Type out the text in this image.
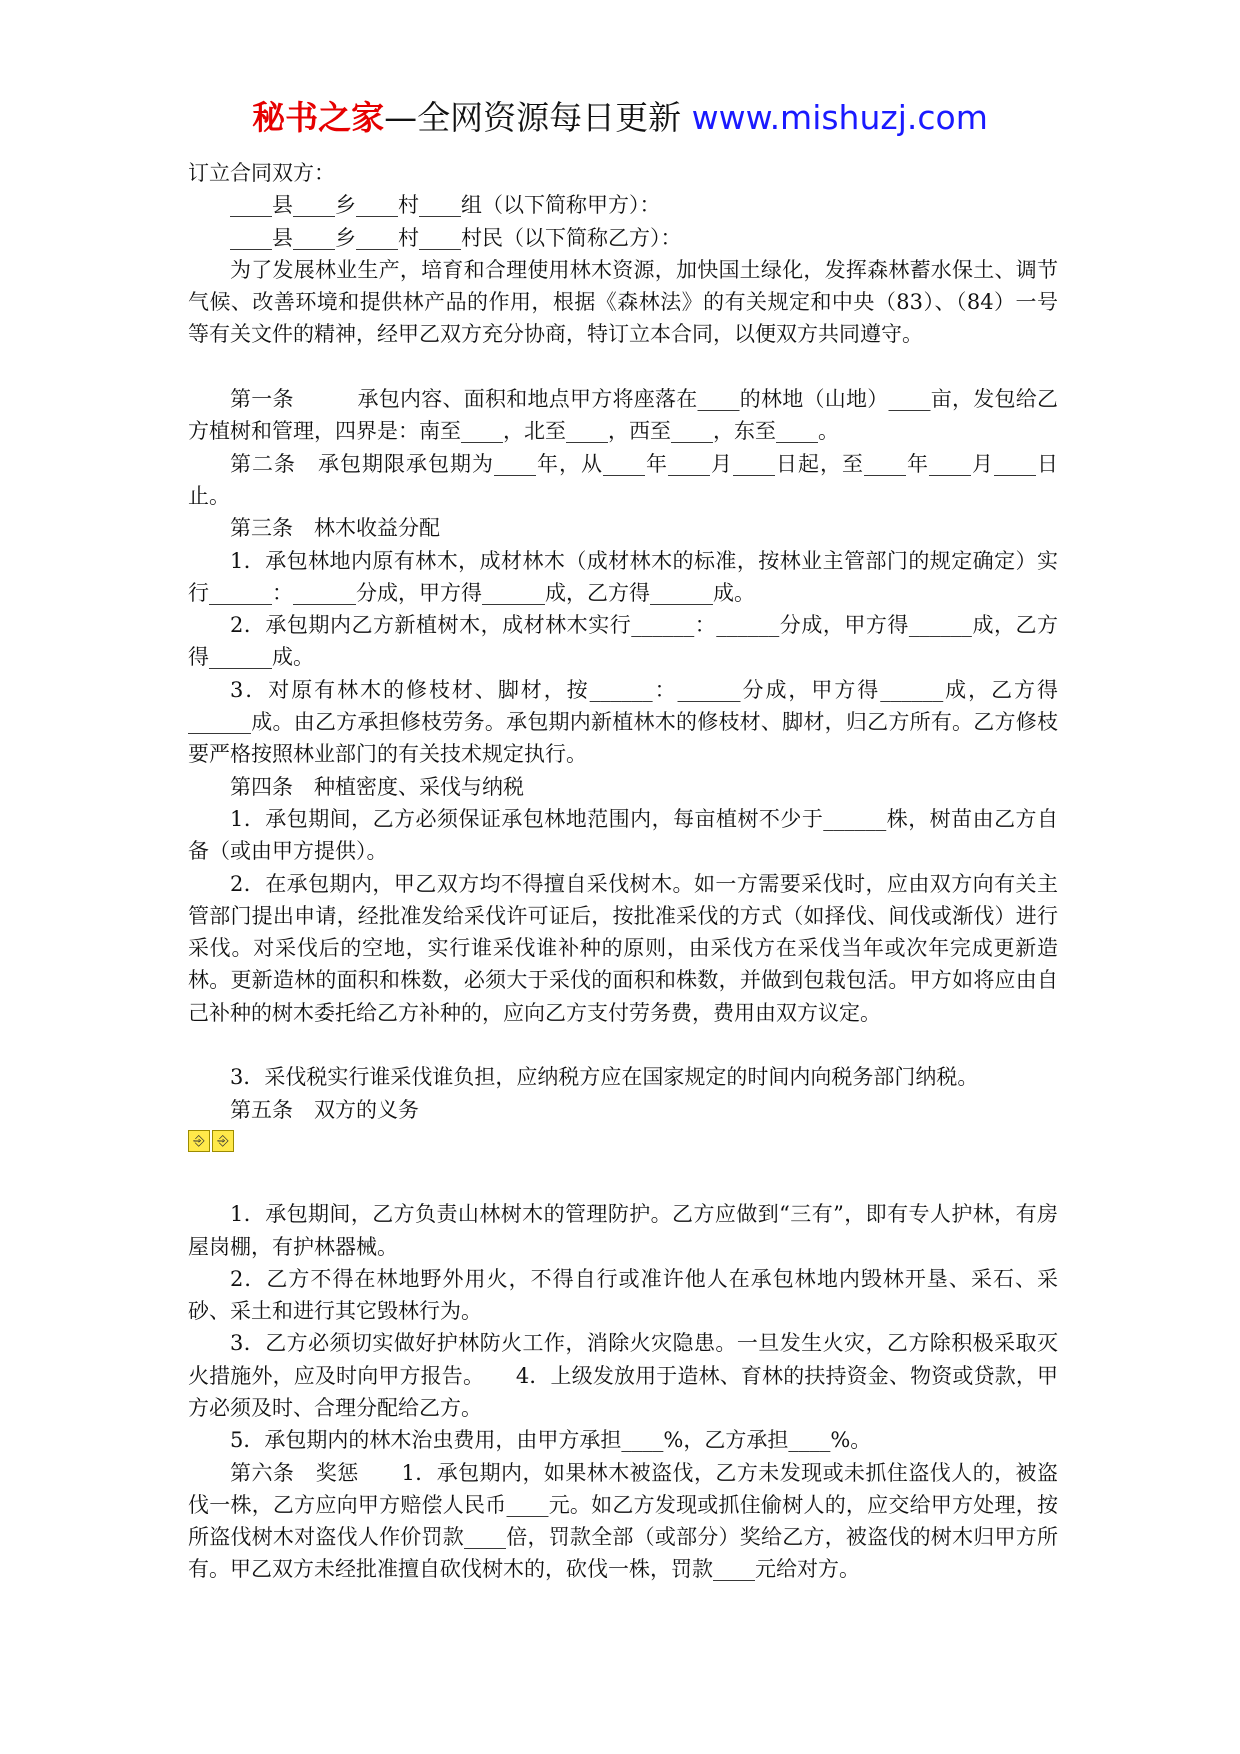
秘书之家—全网资源每日更新 www.mishuzj.com

订立合同双方：

____县____乡____村____组（以下简称甲方）：

____县____乡____村____村民（以下简称乙方）：

为了发展林业生产，培育和合理使用林木资源，加快国土绿化，发挥森林蓄水保土、调节气候、改善环境和提供林产品的作用，根据《森林法》的有关规定和中央（83）、（84）一号等有关文件的精神，经甲乙双方充分协商，特订立本合同，以便双方共同遵守。

第一条　　　承包内容、面积和地点甲方将座落在____的林地（山地）____亩，发包给乙方植树和管理，四界是：南至____，北至____，西至____，东至____。

第二条　承包期限承包期为____年，从____年____月____日起，至____年____月____日止。

第三条　林木收益分配

1．承包林地内原有林木，成材林木（成材林木的标准，按林业主管部门的规定确定）实行______：______分成，甲方得______成，乙方得______成。

2．承包期内乙方新植树木，成材林木实行______：______分成，甲方得______成，乙方得______成。

3．对原有林木的修枝材、脚材，按______：______分成，甲方得______成，乙方得______成。由乙方承担修枝劳务。承包期内新植林木的修枝材、脚材，归乙方所有。乙方修枝要严格按照林业部门的有关技术规定执行。

第四条　种植密度、采伐与纳税

1．承包期间，乙方必须保证承包林地范围内，每亩植树不少于______株，树苗由乙方自备（或由甲方提供）。

2．在承包期内，甲乙双方均不得擅自采伐树木。如一方需要采伐时，应由双方向有关主管部门提出申请，经批准发给采伐许可证后，按批准采伐的方式（如择伐、间伐或渐伐）进行采伐。对采伐后的空地，实行谁采伐谁补种的原则，由采伐方在采伐当年或次年完成更新造林。更新造林的面积和株数，必须大于采伐的面积和株数，并做到包栽包活。甲方如将应由自己补种的树木委托给乙方补种的，应向乙方支付劳务费，费用由双方议定。

3．采伐税实行谁采伐谁负担，应纳税方应在国家规定的时间内向税务部门纳税。

第五条　双方的义务

⎆ ⎆

1．承包期间，乙方负责山林树木的管理防护。乙方应做到“三有”，即有专人护林，有房屋岗棚，有护林器械。

2．乙方不得在林地野外用火，不得自行或准许他人在承包林地内毁林开垦、采石、采砂、采土和进行其它毁林行为。

3．乙方必须切实做好护林防火工作，消除火灾隐患。一旦发生火灾，乙方除积极采取灭火措施外，应及时向甲方报告。　　4．上级发放用于造林、育林的扶持资金、物资或贷款，甲方必须及时、合理分配给乙方。

5．承包期内的林木治虫费用，由甲方承担____%，乙方承担____%。

第六条　奖惩　　1．承包期内，如果林木被盗伐，乙方未发现或未抓住盗伐人的，被盗伐一株，乙方应向甲方赔偿人民币____元。如乙方发现或抓住偷树人的，应交给甲方处理，按所盗伐树木对盗伐人作价罚款____倍，罚款全部（或部分）奖给乙方，被盗伐的树木归甲方所有。甲乙双方未经批准擅自砍伐树木的，砍伐一株，罚款____元给对方。
